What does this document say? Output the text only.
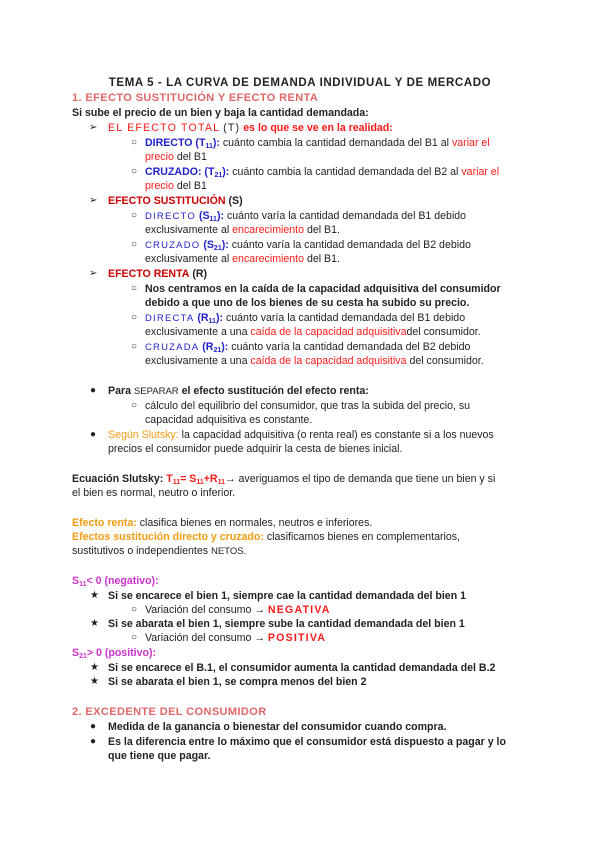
TEMA 5 - LA CURVA DE DEMANDA INDIVIDUAL Y DE MERCADO
1. EFECTO SUSTITUCIÓN Y EFECTO RENTA
Si sube el precio de un bien y baja la cantidad demandada:
➢ EL EFECTO TOTAL (T) es lo que se ve en la realidad:
○ DIRECTO $(T_{11})$: cuánto cambia la cantidad demandada del B1 al variar el
precio del B1
○ CRUZADO: $(T_{21})$: cuánto cambia la cantidad demandada del B2 al variar el
precio del B1
➢ EFECTO SUSTITUCIÓN (S)
○ DIRECTO $(S_{11})$: cuánto varía la cantidad demandada del B1 debido
exclusivamente al encarecimiento del B1.
○ CRUZADO $(S_{21})$: cuánto varía la cantidad demandada del B2 debido
exclusivamente al encarecimiento del B1.
➢ EFECTO RENTA (R)
○ Nos centramos en la caída de la capacidad adquisitiva del consumidor
debido a que uno de los bienes de su cesta ha subido su precio.
○ DIRECTA $(R_{11})$: cuánto varía la cantidad demandada del B1 debido
exclusivamente a una caída de la capacidad adquisitivadel consumidor.
○ CRUZADA $(R_{21})$: cuánto varía la cantidad demandada del B2 debido
exclusivamente a una caída de la capacidad adquisitiva del consumidor.
● Para SEPARAR el efecto sustitución del efecto renta:
○ cálculo del equilibrio del consumidor, que tras la subida del precio, su
capacidad adquisitiva es constante.
● Según Slutsky: la capacidad adquisitiva (o renta real) es constante si a los nuevos
precios el consumidor puede adquirir la cesta de bienes inicial.
Ecuación Slutsky: $T_{11}= S_{11}+R_{11}\to$ averiguamos el tipo de demanda que tiene un bien y si
el bien es normal, neutro o inferior.
Efecto renta: clasifica bienes en normales, neutros e inferiores.
Efectos sustitución directo y cruzado: clasificamos bienes en complementarios,
sustitutivos o independientes NETOS.
$S_{11}< 0$ (negativo):
★ Si se encarece el bien 1, siempre cae la cantidad demandada del bien 1
○ Variación del consumo → NEGATIVA
★ Si se abarata el bien 1, siempre sube la cantidad demandada del bien 1
○ Variación del consumo → POSITIVA
$S_{21}> 0$ (positivo):
★ Si se encarece el B.1, el consumidor aumenta la cantidad demandada del B.2
★ Si se abarata el bien 1, se compra menos del bien 2
2. EXCEDENTE DEL CONSUMIDOR
● Medida de la ganancia o bienestar del consumidor cuando compra.
● Es la diferencia entre lo máximo que el consumidor está dispuesto a pagar y lo
que tiene que pagar.
